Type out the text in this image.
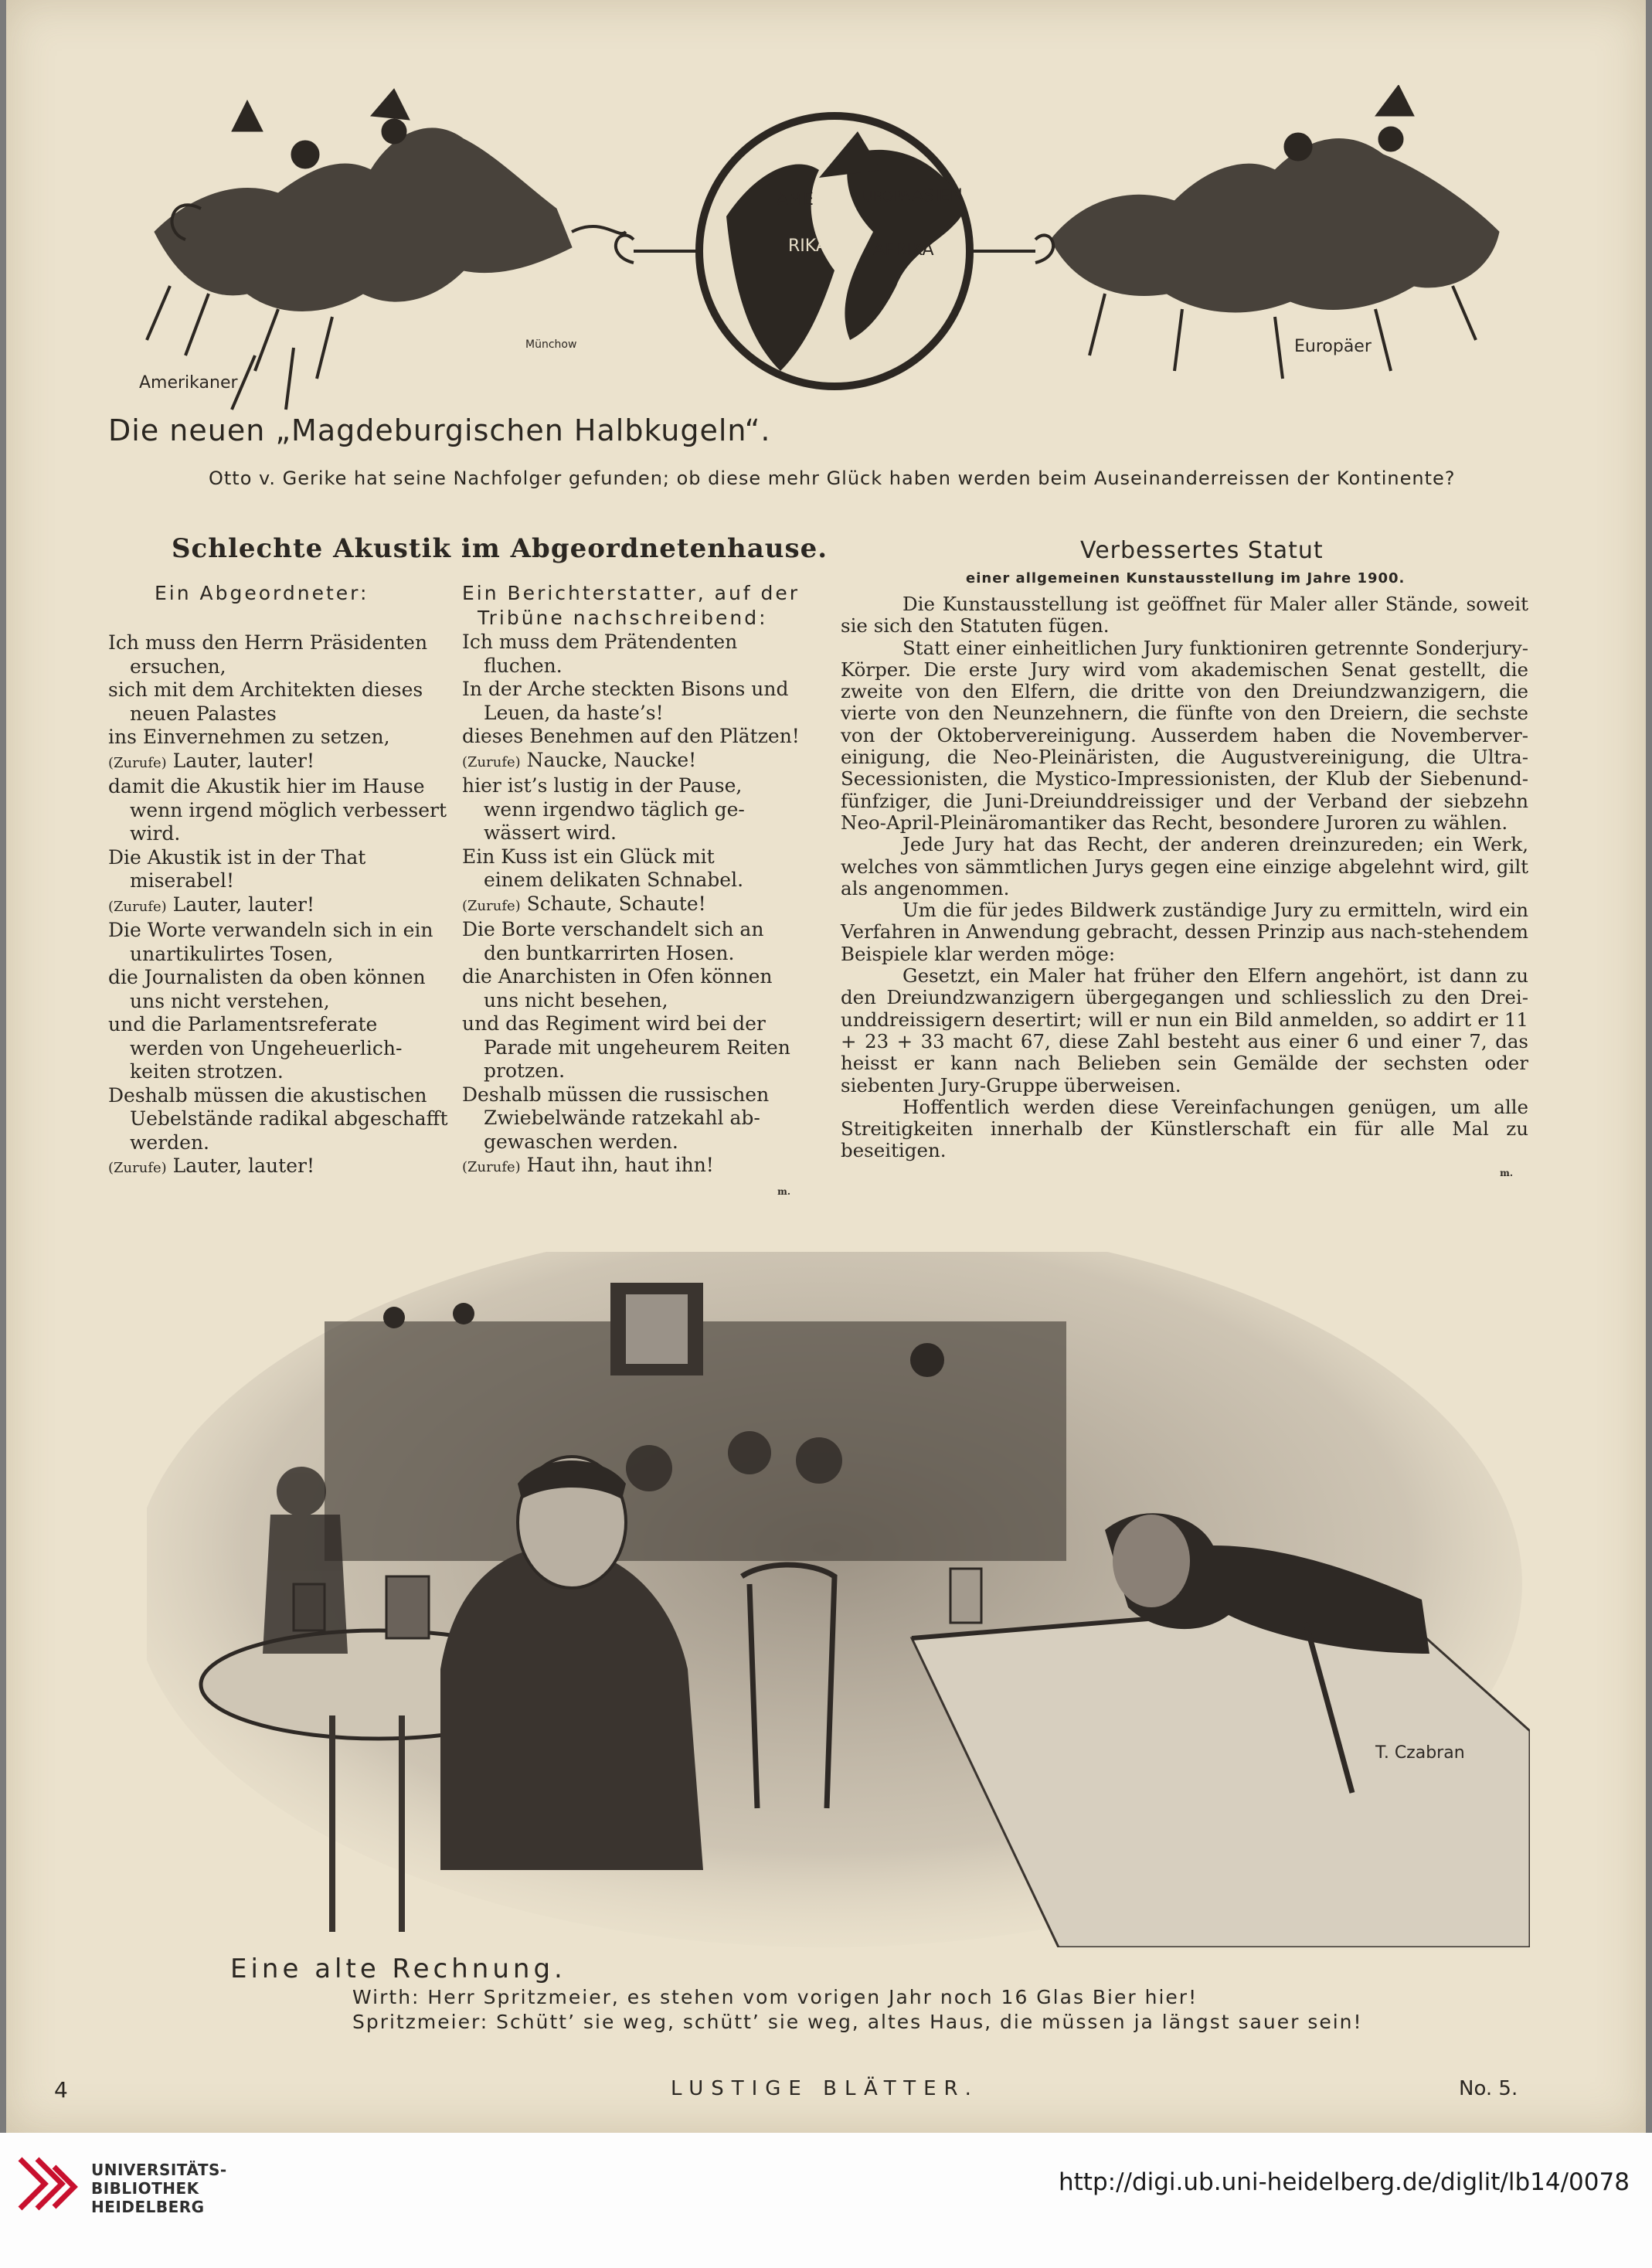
AME
RIKA
EUROPA ASIEN
AFRIKA
Amerikaner
Münchow	Europäer
Die neuen „Magdeburgischen Halbkugeln“.
Otto v. Gerike hat seine Nachfolger gefunden; ob diese mehr Glück haben werden beim Auseinanderreissen der Kontinente?
Schlechte Akustik im Abgeordnetenhause.
Ein Abgeordneter:
Ich muss den Herrn Präsidenten
ersuchen,
sich mit dem Architekten dieses
neuen Palastes
ins Einvernehmen zu setzen,
(Zurufe) Lauter, lauter!
damit die Akustik hier im Hause
wenn irgend möglich verbessert
wird.
Die Akustik ist in der That
miserabel!
(Zurufe) Lauter, lauter!
Die Worte verwandeln sich in ein
unartikulirtes Tosen,
die Journalisten da oben können
uns nicht verstehen,
und die Parlamentsreferate
werden von Ungeheuerlich-
keiten strotzen.
Deshalb müssen die akustischen
Uebelstände radikal abgeschafft
werden.
(Zurufe) Lauter, lauter!
Ein Berichterstatter, auf der
Tribüne nachschreibend:
Ich muss dem Prätendenten
fluchen.
In der Arche steckten Bisons und
Leuen, da haste’s!
dieses Benehmen auf den Plätzen!
(Zurufe) Naucke, Naucke!
hier ist’s lustig in der Pause,
wenn irgendwo täglich ge-
wässert wird.
Ein Kuss ist ein Glück mit
einem delikaten Schnabel.
(Zurufe) Schaute, Schaute!
Die Borte verschandelt sich an
den buntkarrirten Hosen.
die Anarchisten in Ofen können
uns nicht besehen,
und das Regiment wird bei der
Parade mit ungeheurem Reiten
protzen.
Deshalb müssen die russischen
Zwiebelwände ratzekahl ab-
gewaschen werden.
(Zurufe) Haut ihn, haut ihn!
m.
Verbessertes Statut
einer allgemeinen Kunstausstellung im Jahre 1900.

Die Kunstausstellung ist geöffnet für Maler aller Stände, soweit sie sich den Statuten fügen.

Statt einer einheitlichen Jury funktioniren getrennte Sonderjury-Körper. Die erste Jury wird vom akademischen Senat gestellt, die zweite von den Elfern, die dritte von den Dreiundzwanzigern, die vierte von den Neunzehnern, die fünfte von den Dreiern, die sechste von der Oktobervereinigung. Ausserdem haben die Novemberver-einigung, die Neo-Pleinäristen, die Augustvereinigung, die Ultra-Secessionisten, die Mystico-Impressionisten, der Klub der Siebenund-fünfziger, die Juni-Dreiunddreissiger und der Verband der siebzehn Neo-April-Pleinäromantiker das Recht, besondere Juroren zu wählen.

Jede Jury hat das Recht, der anderen dreinzureden; ein Werk, welches von sämmtlichen Jurys gegen eine einzige abgelehnt wird, gilt als angenommen.

Um die für jedes Bildwerk zuständige Jury zu ermitteln, wird ein Verfahren in Anwendung gebracht, dessen Prinzip aus nach-stehendem Beispiele klar werden möge:

Gesetzt, ein Maler hat früher den Elfern angehört, ist dann zu den Dreiundzwanzigern übergegangen und schliesslich zu den Drei-unddreissigern desertirt; will er nun ein Bild anmelden, so addirt er 11 + 23 + 33 macht 67, diese Zahl besteht aus einer 6 und einer 7, das heisst er kann nach Belieben sein Gemälde der sechsten oder siebenten Jury-Gruppe überweisen.

Hoffentlich werden diese Vereinfachungen genügen, um alle Streitigkeiten innerhalb der Künstlerschaft ein für alle Mal zu beseitigen.

m.
T. Czabran
Eine alte Rechnung.
Wirth: Herr Spritzmeier, es stehen vom vorigen Jahr noch 16 Glas Bier hier!
Spritzmeier: Schütt’ sie weg, schütt’ sie weg, altes Haus, die müssen ja längst sauer sein!
4	LUSTIGE BLÄTTER.	No. 5.
UNIVERSITÄTS-
BIBLIOTHEK
HEIDELBERG
http://digi.ub.uni-heidelberg.de/diglit/lb14/0078
